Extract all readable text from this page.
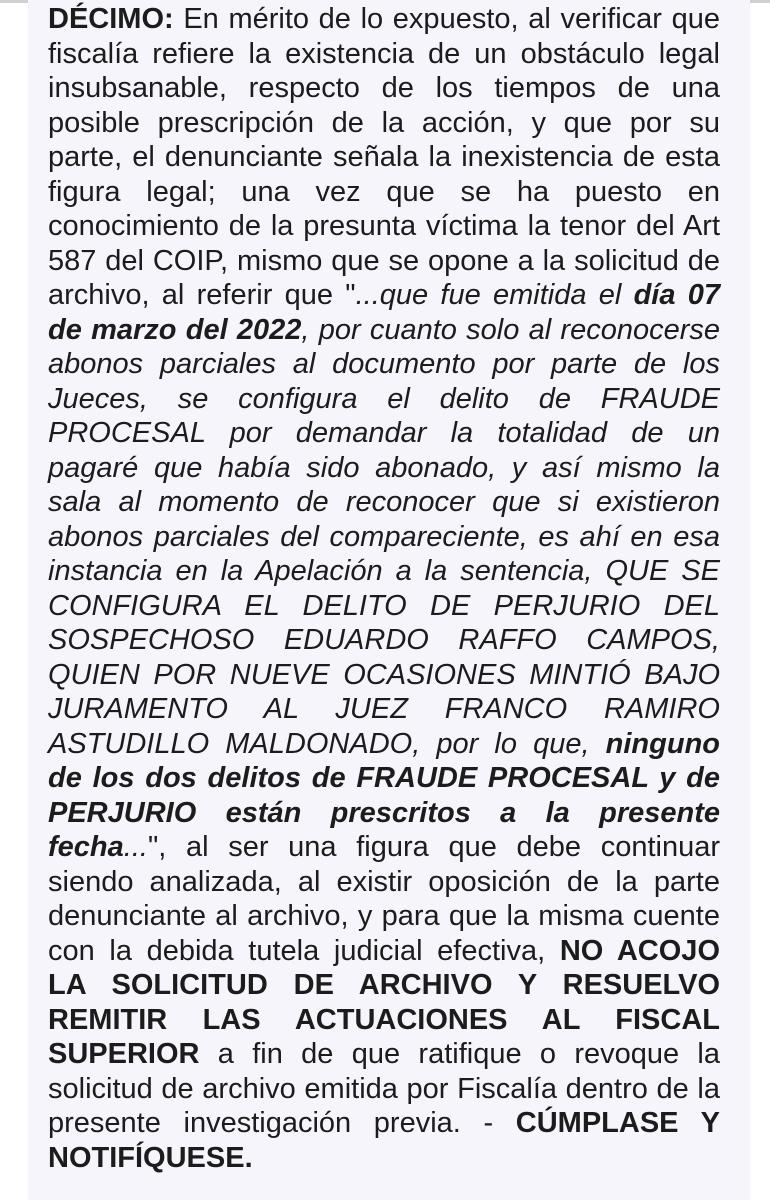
DÉCIMO: En mérito de lo expuesto, al verificar que fiscalía refiere la existencia de un obstáculo legal insubsanable, respecto de los tiempos de una posible prescripción de la acción, y que por su parte, el denunciante señala la inexistencia de esta figura legal; una vez que se ha puesto en conocimiento de la presunta víctima la tenor del Art 587 del COIP, mismo que se opone a la solicitud de archivo, al referir que "...que fue emitida el día 07 de marzo del 2022, por cuanto solo al reconocerse abonos parciales al documento por parte de los Jueces, se configura el delito de FRAUDE PROCESAL por demandar la totalidad de un pagaré que había sido abonado, y así mismo la sala al momento de reconocer que si existieron abonos parciales del compareciente, es ahí en esa instancia en la Apelación a la sentencia, QUE SE CONFIGURA EL DELITO DE PERJURIO DEL SOSPECHOSO EDUARDO RAFFO CAMPOS, QUIEN POR NUEVE OCASIONES MINTIÓ BAJO JURAMENTO AL JUEZ FRANCO RAMIRO ASTUDILLO MALDONADO, por lo que, ninguno de los dos delitos de FRAUDE PROCESAL y de PERJURIO están prescritos a la presente fecha...", al ser una figura que debe continuar siendo analizada, al existir oposición de la parte denunciante al archivo, y para que la misma cuente con la debida tutela judicial efectiva, NO ACOJO LA SOLICITUD DE ARCHIVO Y RESUELVO REMITIR LAS ACTUACIONES AL FISCAL SUPERIOR a fin de que ratifique o revoque la solicitud de archivo emitida por Fiscalía dentro de la presente investigación previa. - CÚMPLASE Y NOTIFÍQUESE.
